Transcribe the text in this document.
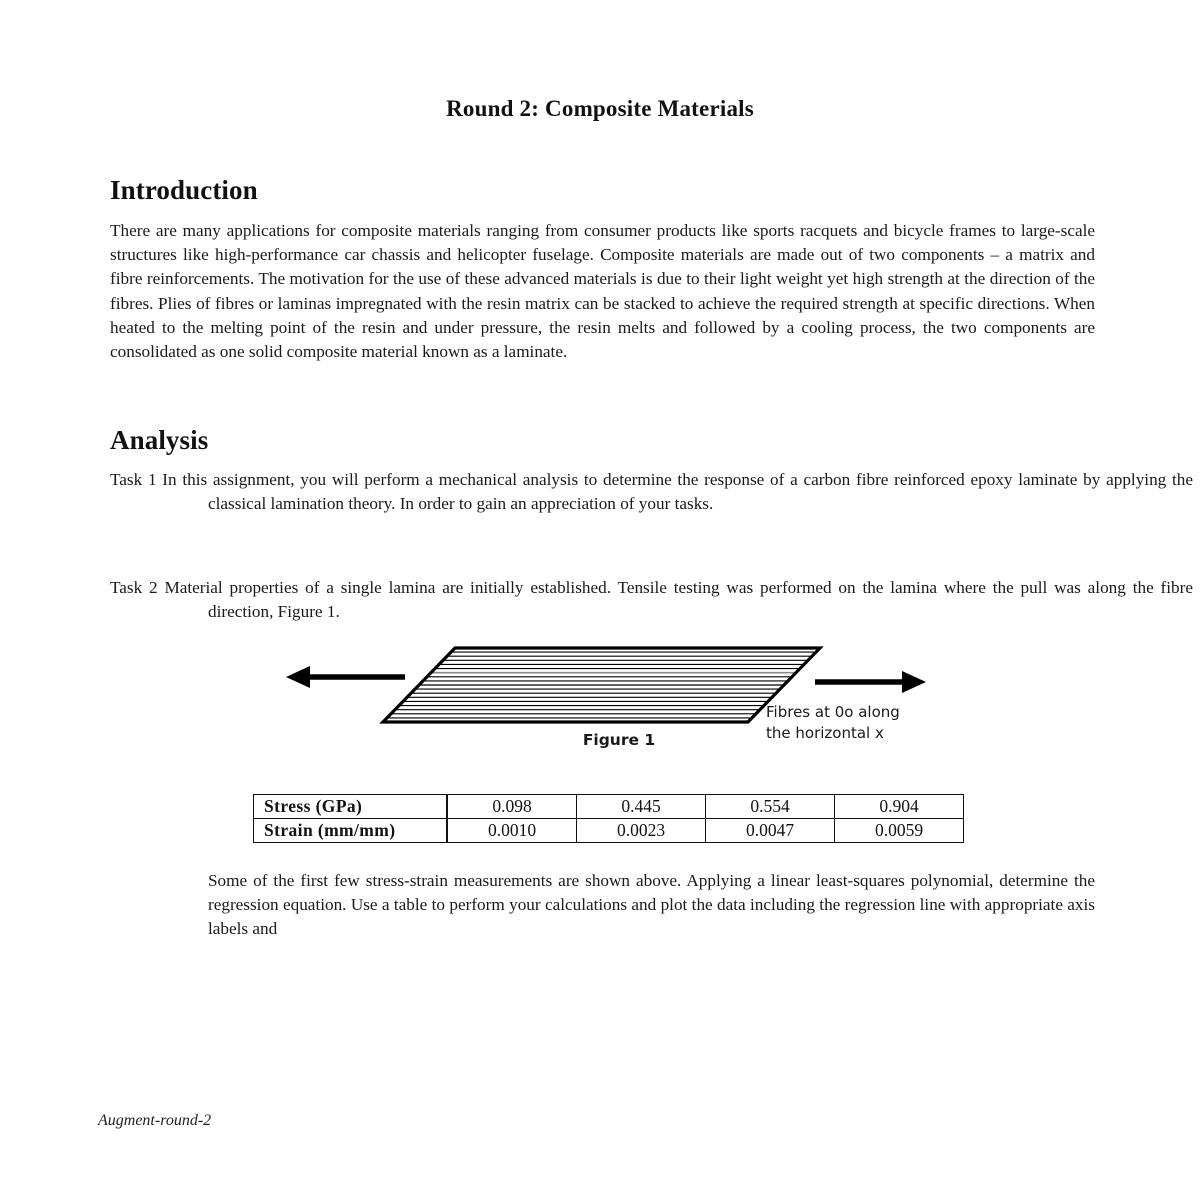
Round 2: Composite Materials
Introduction
There are many applications for composite materials ranging from consumer products like sports racquets and bicycle frames to large-scale structures like high-performance car chassis and helicopter fuselage. Composite materials are made out of two components – a matrix and fibre reinforcements. The motivation for the use of these advanced materials is due to their light weight yet high strength at the direction of the fibres. Plies of fibres or laminas impregnated with the resin matrix can be stacked to achieve the required strength at specific directions. When heated to the melting point of the resin and under pressure, the resin melts and followed by a cooling process, the two components are consolidated as one solid composite material known as a laminate.
Analysis
Task 1 In this assignment, you will perform a mechanical analysis to determine the response of a carbon fibre reinforced epoxy laminate by applying the classical lamination theory. In order to gain an appreciation of your tasks.
Task 2 Material properties of a single lamina are initially established. Tensile testing was performed on the lamina where the pull was along the fibre direction, Figure 1.
Figure 1
Fibres at 0o along
the horizontal x
Stress (GPa)	0.098	0.445	0.554	0.904
Strain (mm/mm)	0.0010	0.0023	0.0047	0.0059
Some of the first few stress-strain measurements are shown above. Applying a linear least-squares polynomial, determine the regression equation. Use a table to perform your calculations and plot the data including the regression line with appropriate axis labels and
Augment-round-2
